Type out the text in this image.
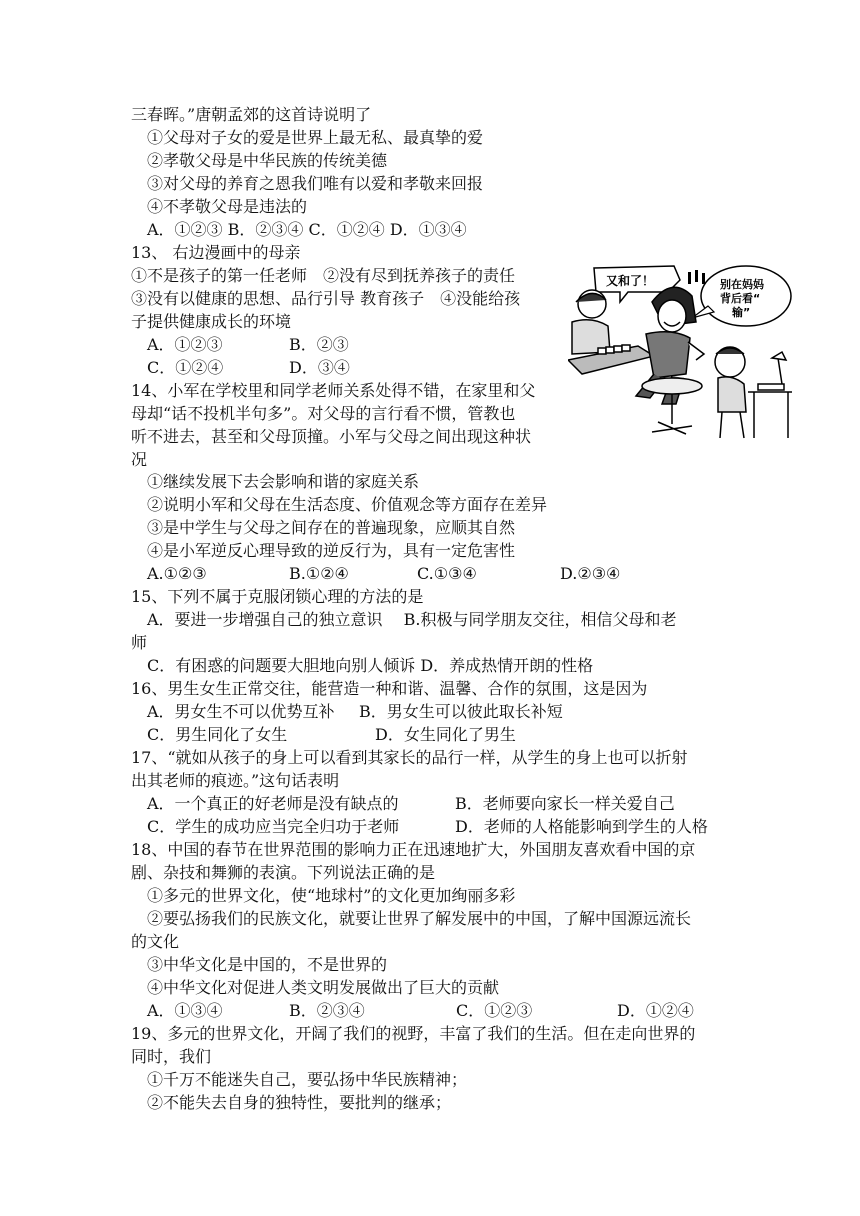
三春晖。”唐朝孟郊的这首诗说明了
①父母对子女的爱是世界上最无私、最真挚的爱
②孝敬父母是中华民族的传统美德
③对父母的养育之恩我们唯有以爱和孝敬来回报
④不孝敬父母是违法的
A．①②③ B．②③④ C．①②④ D．①③④
13、 右边漫画中的母亲
①不是孩子的第一任老师　②没有尽到抚养孩子的责任
③没有以健康的思想、品行引导 教育孩子　④没能给孩
子提供健康成长的环境
A．①②③	B．②③
C．①②④	D．③④
14、小军在学校里和同学老师关系处得不错，在家里和父
母却“话不投机半句多”。对父母的言行看不惯，管教也
听不进去，甚至和父母顶撞。小军与父母之间出现这种状
况
①继续发展下去会影响和谐的家庭关系
②说明小军和父母在生活态度、价值观念等方面存在差异
③是中学生与父母之间存在的普遍现象，应顺其自然
④是小军逆反心理导致的逆反行为，具有一定危害性
A.①②③	B.①②④	C.①③④	D.②③④
15、下列不属于克服闭锁心理的方法的是
A．要进一步增强自己的独立意识　 B.积极与同学朋友交往，相信父母和老
师
C．有困惑的问题要大胆地向别人倾诉 D．养成热情开朗的性格
16、男生女生正常交往，能营造一种和谐、温馨、合作的氛围，这是因为
A．男女生不可以优势互补 B．男女生可以彼此取长补短
C．男生同化了女生	D．女生同化了男生
17、“就如从孩子的身上可以看到其家长的品行一样，从学生的身上也可以折射
出其老师的痕迹。”这句话表明
A．一个真正的好老师是没有缺点的	B．老师要向家长一样关爱自己
C．学生的成功应当完全归功于老师	D．老师的人格能影响到学生的人格
18、中国的春节在世界范围的影响力正在迅速地扩大，外国朋友喜欢看中国的京
剧、杂技和舞狮的表演。下列说法正确的是
①多元的世界文化，使“地球村”的文化更加绚丽多彩
②要弘扬我们的民族文化，就要让世界了解发展中的中国，了解中国源远流长
的文化
③中华文化是中国的，不是世界的
④中华文化对促进人类文明发展做出了巨大的贡献
A．①③④	B．②③④	C．①②③	D．①②④
19、多元的世界文化，开阔了我们的视野，丰富了我们的生活。但在走向世界的
同时，我们
①千万不能迷失自己，要弘扬中华民族精神；
②不能失去自身的独特性，要批判的继承；
又和了！	别在妈妈
背后看“
输”
